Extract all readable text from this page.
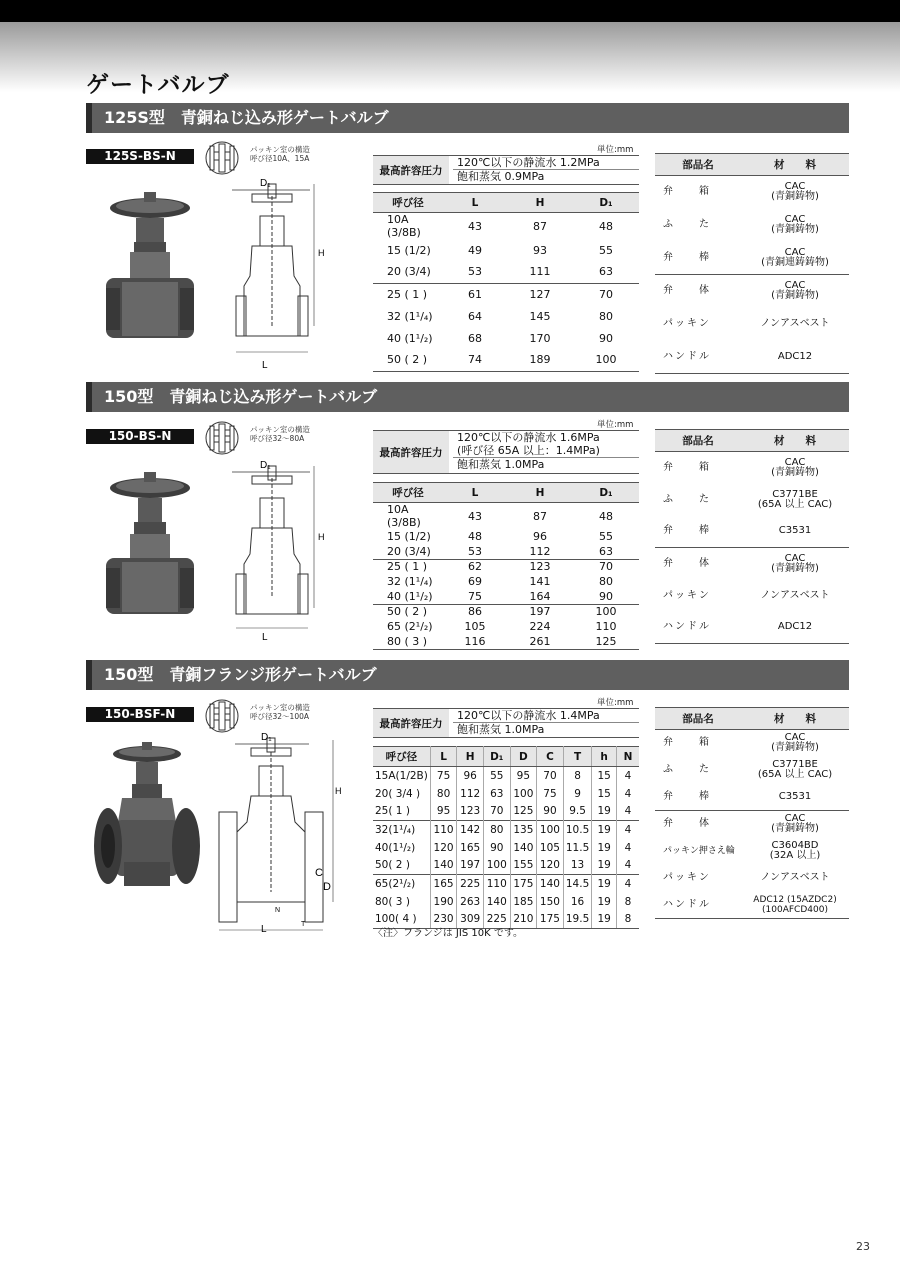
ゲートバルブ
125S型　青銅ねじ込み形ゲートバルブ
125S-BS-N	パッキン室の構造
呼び径10A、15A
D₁
H
L
単位:mm
最高許容圧力
120℃以下の静流水 1.2MPa
飽和蒸気 0.9MPa
呼び径	L	H	D₁
10A (3/8B)	43	87	48
15 (1/2)	49	93	55
20 (3/4)	53	111	63
25 ( 1 )	61	127	70
32 (1¹/₄)	64	145	80
40 (1¹/₂)	68	170	90
50 ( 2 )	74	189	100
部品名	材　　料
弁　　箱	CAC
(青銅鋳物)

ふ　　た	CAC
(青銅鋳物)

弁　　棒	CAC
(青銅連鋳鋳物)

弁　　体	CAC
(青銅鋳物)

パッキン	ノンアスベスト

ハンドル	ADC12
150型　青銅ねじ込み形ゲートバルブ
150-BS-N	パッキン室の構造
呼び径32〜80A
D₁
H
L
単位:mm
最高許容圧力
120℃以下の静流水 1.6MPa
(呼び径 65A 以上：1.4MPa)
飽和蒸気 1.0MPa
呼び径	L	H	D₁
10A (3/8B)	43	87	48
15 (1/2)	48	96	55
20 (3/4)	53	112	63
25 ( 1 )	62	123	70
32 (1¹/₄)	69	141	80
40 (1¹/₂)	75	164	90
50 ( 2 )	86	197	100
65 (2¹/₂)	105	224	110
80 ( 3 )	116	261	125
部品名	材　　料
弁　　箱	CAC
(青銅鋳物)

ふ　　た	C3771BE
(65A 以上 CAC)

弁　　棒	C3531

弁　　体	CAC
(青銅鋳物)

パッキン	ノンアスベスト

ハンドル	ADC12
150型　青銅フランジ形ゲートバルブ
150-BSF-N	パッキン室の構造
呼び径32〜100A
D₁
H
C
D
N
T
L
単位:mm
最高許容圧力
120℃以下の静流水 1.4MPa
飽和蒸気 1.0MPa
呼び径	L	H	D₁	D	C	T	h	N
15A(1/2B)	75	96	55	95	70	8	15	4
20( 3/4 )	80	112	63	100	75	9	15	4
25( 1 )	95	123	70	125	90	9.5	19	4
32(1¹/₄)	110	142	80	135	100	10.5	19	4
40(1¹/₂)	120	165	90	140	105	11.5	19	4
50( 2 )	140	197	100	155	120	13	19	4
65(2¹/₂)	165	225	110	175	140	14.5	19	4
80( 3 )	190	263	140	185	150	16	19	8
100( 4 )	230	309	225	210	175	19.5	19	8
〈注〉フランジは JIS 10K です。
部品名	材　　料
弁　　箱	CAC
(青銅鋳物)

ふ　　た	C3771BE
(65A 以上 CAC)

弁　　棒	C3531

弁　　体	CAC
(青銅鋳物)

パッキン押さえ輪	C3604BD
(32A 以上)

パッキン	ノンアスベスト

ハンドル	ADC12 (15AZDC2)
(100AFCD400)
23
